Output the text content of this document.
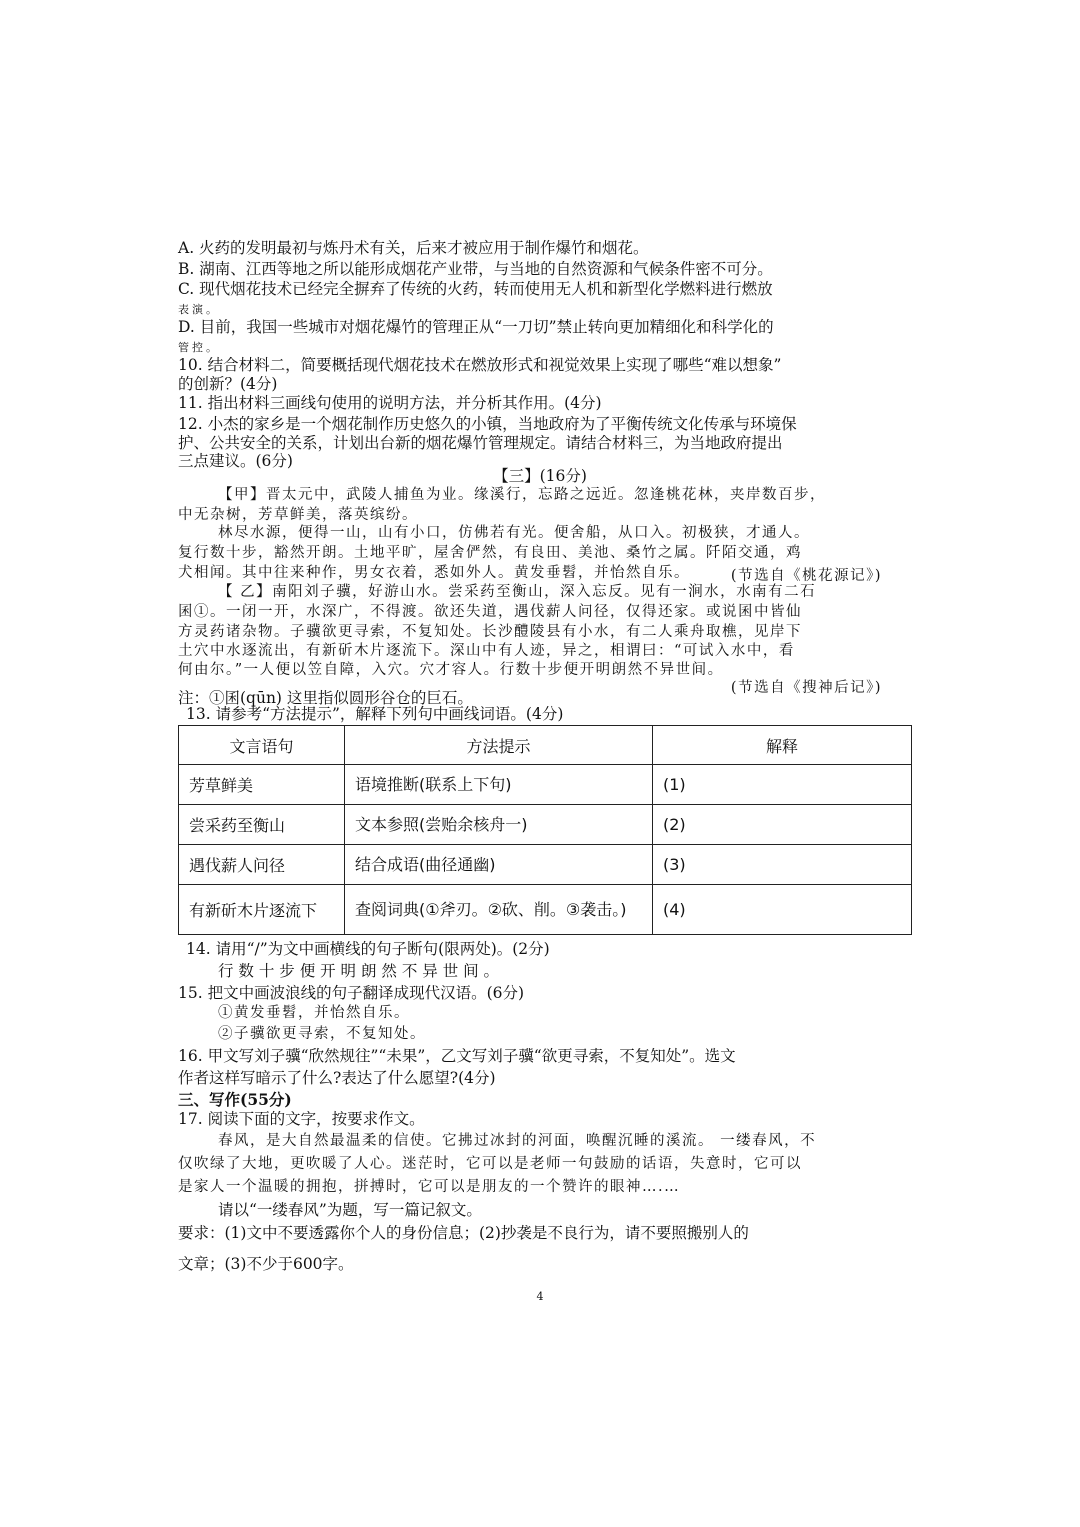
A. 火药的发明最初与炼丹术有关，后来才被应用于制作爆竹和烟花。
B. 湖南、江西等地之所以能形成烟花产业带，与当地的自然资源和气候条件密不可分。
C. 现代烟花技术已经完全摒弃了传统的火药，转而使用无人机和新型化学燃料进行燃放
表演。
D. 目前，我国一些城市对烟花爆竹的管理正从“一刀切”禁止转向更加精细化和科学化的
管控。
10. 结合材料二，简要概括现代烟花技术在燃放形式和视觉效果上实现了哪些“难以想象”
的创新？(4分)
11. 指出材料三画线句使用的说明方法，并分析其作用。(4分)
12. 小杰的家乡是一个烟花制作历史悠久的小镇，当地政府为了平衡传统文化传承与环境保
护、公共安全的关系，计划出台新的烟花爆竹管理规定。请结合材料三，为当地政府提出
三点建议。(6分)
【三】(16分)
【甲】晋太元中，武陵人捕鱼为业。缘溪行，忘路之远近。忽逢桃花林，夹岸数百步，
中无杂树，芳草鲜美，落英缤纷。
林尽水源，便得一山，山有小口，仿佛若有光。便舍船，从口入。初极狭，才通人。
复行数十步，豁然开朗。土地平旷，屋舍俨然，有良田、美池、桑竹之属。阡陌交通，鸡
犬相闻。其中往来种作，男女衣着，悉如外人。黄发垂髫，并怡然自乐。	(节选自《桃花源记》)
【 乙】南阳刘子骥，好游山水。尝采药至衡山，深入忘反。见有一涧水，水南有二石
囷①。一闭一开，水深广，不得渡。欲还失道，遇伐薪人问径，仅得还家。或说囷中皆仙
方灵药诸杂物。子骥欲更寻索，不复知处。长沙醴陵县有小水，有二人乘舟取樵，见岸下
土穴中水逐流出，有新斫木片逐流下。深山中有人迹，异之，相谓曰：“可试入水中，看
何由尔。”一人便以笠自障，入穴。穴才容人。行数十步便开明朗然不异世间。
(节选自《搜神后记》)
注：①囷(qūn) 这里指似圆形谷仓的巨石。
13. 请参考“方法提示”，解释下列句中画线词语。(4分)
文言语句	方法提示	解释
芳草鲜美	语境推断(联系上下句)	(1)
尝采药至衡山	文本参照(尝贻余核舟一)	(2)
遇伐薪人问径	结合成语(曲径通幽)	(3)
有新斫木片逐流下	查阅词典(①斧刃。②砍、削。③袭击。)	(4)
14. 请用“/”为文中画横线的句子断句(限两处)。(2分)
行 数 十 步 便 开 明 朗 然 不 异 世 间 。
15. 把文中画波浪线的句子翻译成现代汉语。(6分)
①黄发垂髫，并怡然自乐。
②子骥欲更寻索，不复知处。
16. 甲文写刘子骥“欣然规往”“未果”，乙文写刘子骥“欲更寻索，不复知处”。选文
作者这样写暗示了什么?表达了什么愿望?(4分)
三、写作(55分)
17. 阅读下面的文字，按要求作文。
春风，是大自然最温柔的信使。它拂过冰封的河面，唤醒沉睡的溪流。 一缕春风，不
仅吹绿了大地，更吹暖了人心。迷茫时，它可以是老师一句鼓励的话语，失意时，它可以
是家人一个温暖的拥抱，拼搏时，它可以是朋友的一个赞许的眼神….…
请以“一缕春风”为题，写一篇记叙文。
要求：(1)文中不要透露你个人的身份信息；(2)抄袭是不良行为，请不要照搬别人的
文章；(3)不少于600字。
4
